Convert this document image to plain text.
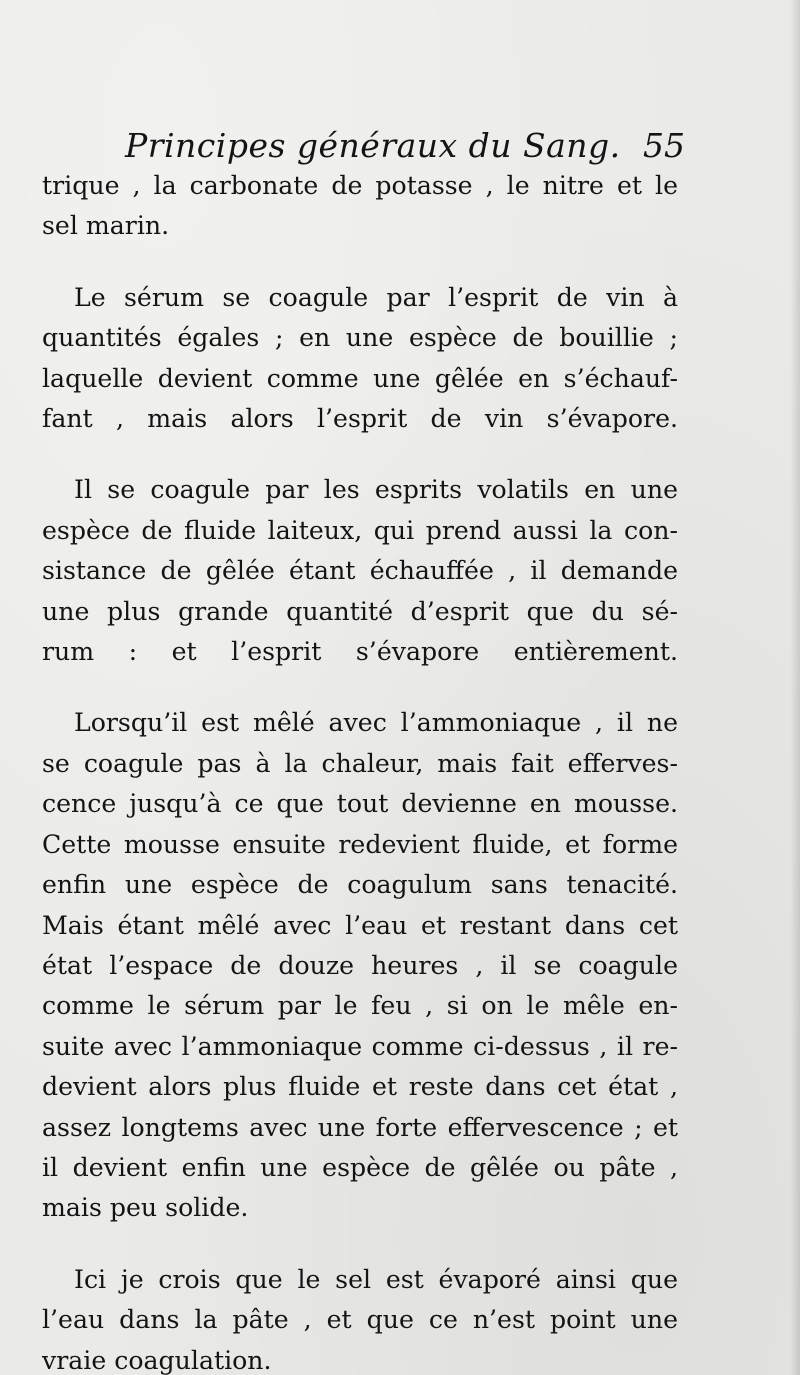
Principes généraux du Sang. 55

trique , la carbonate de potasse , le nitre et le
sel marin.

Le sérum se coagule par l’esprit de vin à
quantités égales ; en une espèce de bouillie ;
laquelle devient comme une gêlée en s’échauf-
fant , mais alors l’esprit de vin s’évapore.

Il se coagule par les esprits volatils en une
espèce de fluide laiteux, qui prend aussi la con-
sistance de gêlée étant échauffée , il demande
une plus grande quantité d’esprit que du sé-
rum : et l’esprit s’évapore entièrement.

Lorsqu’il est mêlé avec l’ammoniaque , il ne
se coagule pas à la chaleur, mais fait efferves-
cence jusqu’à ce que tout devienne en mousse.
Cette mousse ensuite redevient fluide, et forme
enfin une espèce de coagulum sans tenacité.
Mais étant mêlé avec l’eau et restant dans cet
état l’espace de douze heures , il se coagule
comme le sérum par le feu , si on le mêle en-
suite avec l’ammoniaque comme ci-dessus , il re-
devient alors plus fluide et reste dans cet état ,
assez longtems avec une forte effervescence ; et
il devient enfin une espèce de gêlée ou pâte ,
mais peu solide.

Ici je crois que le sel est évaporé ainsi que
l’eau dans la pâte , et que ce n’est point une
vraie coagulation.
